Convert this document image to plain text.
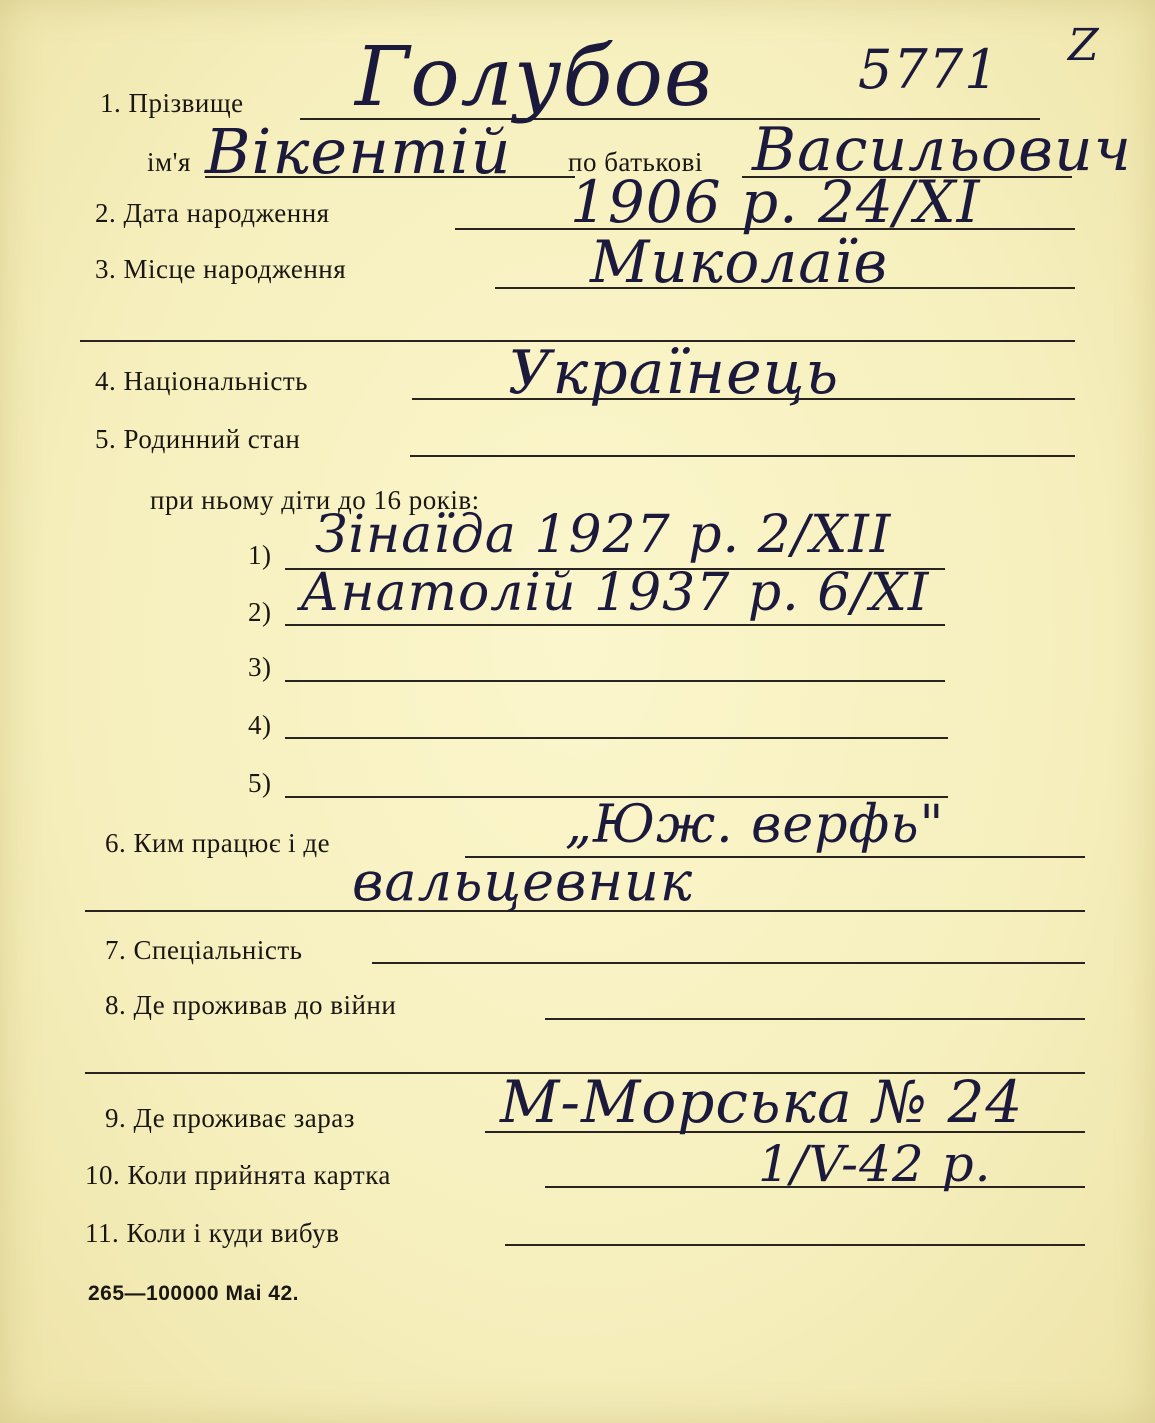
5771 Z
1. Прізвище Голубов
ім'я Вікентій по батькові Васильович
2. Дата народження	1906 р. 24/XI
3. Місце народження	Миколаїв
4. Національність	Українець
5. Родинний стан
при ньому діти до 16 років:
1) Зінаїда 1927 р. 2/XII
2) Анатолій 1937 р. 6/XI
3)
4)
5)
6. Ким працює і де	„Юж. верфь"
вальцевник
7. Спеціальність
8. Де проживав до війни
9. Де проживає зараз	М-Морська № 24
10. Коли прийнята картка	1/V-42 р.
11. Коли і куди вибув
265—100000 Mai 42.
